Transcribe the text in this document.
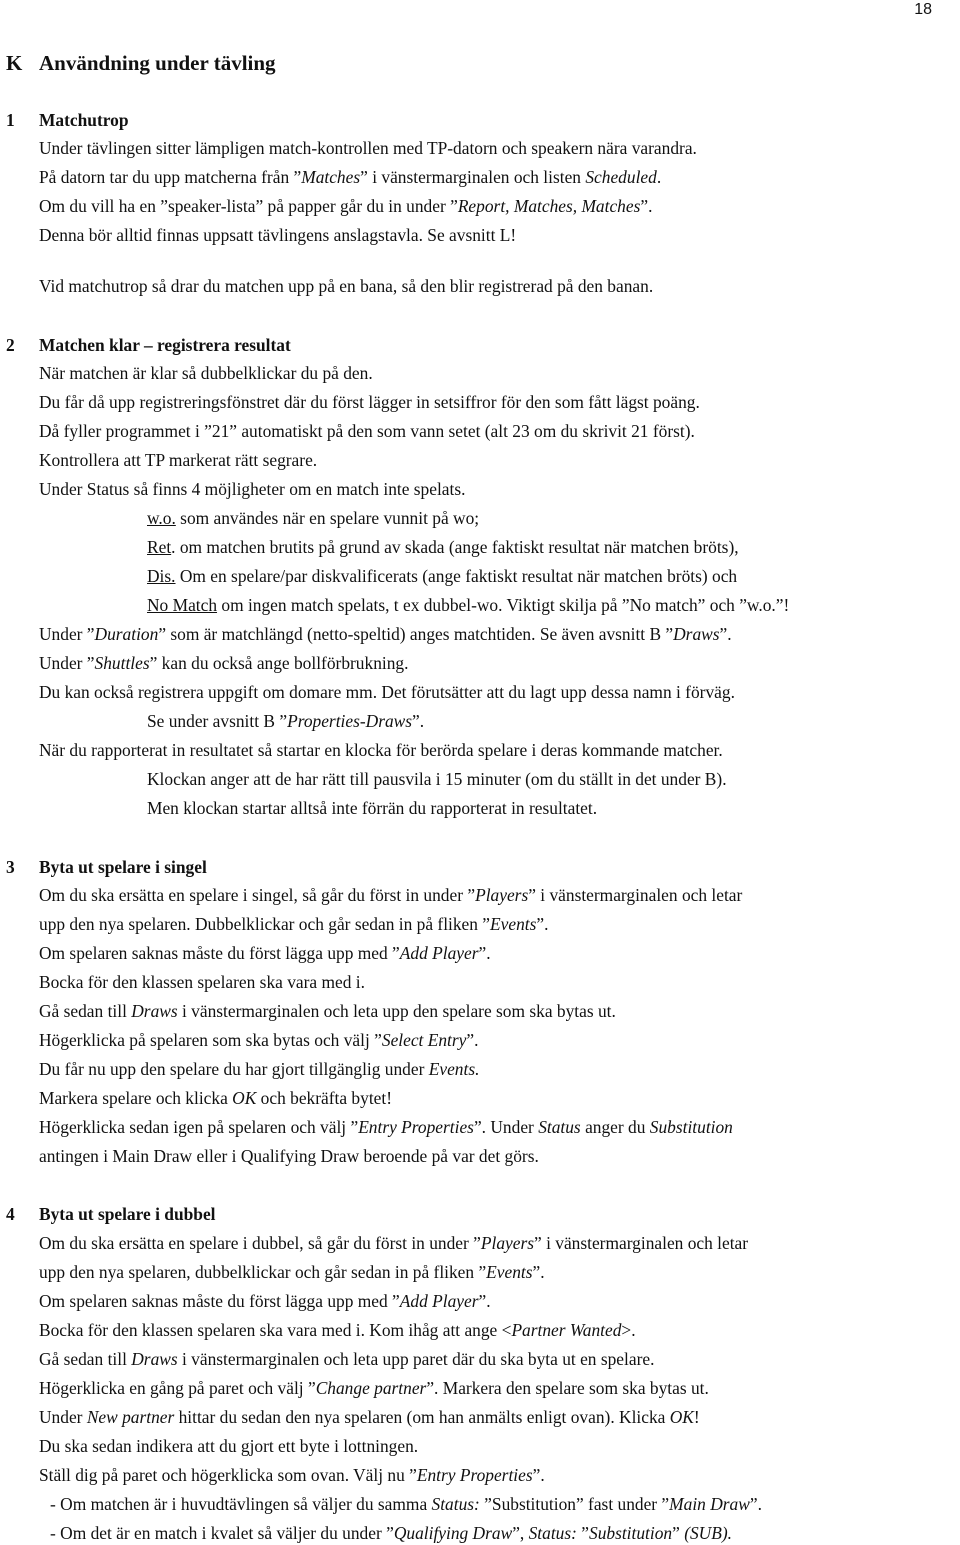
18
K Användning under tävling
1 Matchutrop
2 Matchen klar – registrera resultat
3 Byta ut spelare i singel
4 Byta ut spelare i dubbel
Under tävlingen sitter lämpligen match-kontrollen med TP-datorn och speakern nära varandra.
På datorn tar du upp matcherna från ”Matches” i vänstermarginalen och listen Scheduled.
Om du vill ha en ”speaker-lista” på papper går du in under ”Report, Matches, Matches”.
Denna bör alltid finnas uppsatt tävlingens anslagstavla. Se avsnitt L!
Vid matchutrop så drar du matchen upp på en bana, så den blir registrerad på den banan.
När matchen är klar så dubbelklickar du på den.
Du får då upp registreringsfönstret där du först lägger in setsiffror för den som fått lägst poäng.
Då fyller programmet i ”21” automatiskt på den som vann setet (alt 23 om du skrivit 21 först).
Kontrollera att TP markerat rätt segrare.
Under Status så finns 4 möjligheter om en match inte spelats.
w.o. som användes när en spelare vunnit på wo;
Ret. om matchen brutits på grund av skada (ange faktiskt resultat när matchen bröts),
Dis. Om en spelare/par diskvalificerats (ange faktiskt resultat när matchen bröts) och
No Match om ingen match spelats, t ex dubbel-wo. Viktigt skilja på ”No match” och ”w.o.”!
Under ”Duration” som är matchlängd (netto-speltid) anges matchtiden. Se även avsnitt B ”Draws”.
Under ”Shuttles” kan du också ange bollförbrukning.
Du kan också registrera uppgift om domare mm. Det förutsätter att du lagt upp dessa namn i förväg.
Se under avsnitt B ”Properties-Draws”.
När du rapporterat in resultatet så startar en klocka för berörda spelare i deras kommande matcher.
Klockan anger att de har rätt till pausvila i 15 minuter (om du ställt in det under B).
Men klockan startar alltså inte förrän du rapporterat in resultatet.
Om du ska ersätta en spelare i singel, så går du först in under ”Players” i vänstermarginalen och letar
upp den nya spelaren. Dubbelklickar och går sedan in på fliken ”Events”.
Om spelaren saknas måste du först lägga upp med ”Add Player”.
Bocka för den klassen spelaren ska vara med i.
Gå sedan till Draws i vänstermarginalen och leta upp den spelare som ska bytas ut.
Högerklicka på spelaren som ska bytas och välj ”Select Entry”.
Du får nu upp den spelare du har gjort tillgänglig under Events.
Markera spelare och klicka OK och bekräfta bytet!
Högerklicka sedan igen på spelaren och välj ”Entry Properties”. Under Status anger du Substitution
antingen i Main Draw eller i Qualifying Draw beroende på var det görs.
Om du ska ersätta en spelare i dubbel, så går du först in under ”Players” i vänstermarginalen och letar
upp den nya spelaren, dubbelklickar och går sedan in på fliken ”Events”.
Om spelaren saknas måste du först lägga upp med ”Add Player”.
Bocka för den klassen spelaren ska vara med i. Kom ihåg att ange <Partner Wanted>.
Gå sedan till Draws i vänstermarginalen och leta upp paret där du ska byta ut en spelare.
Högerklicka en gång på paret och välj ”Change partner”. Markera den spelare som ska bytas ut.
Under New partner hittar du sedan den nya spelaren (om han anmälts enligt ovan). Klicka OK!
Du ska sedan indikera att du gjort ett byte i lottningen.
Ställ dig på paret och högerklicka som ovan. Välj nu ”Entry Properties”.
- Om matchen är i huvudtävlingen så väljer du samma Status: ”Substitution” fast under ”Main Draw”.
- Om det är en match i kvalet så väljer du under ”Qualifying Draw”, Status: ”Substitution” (SUB).
